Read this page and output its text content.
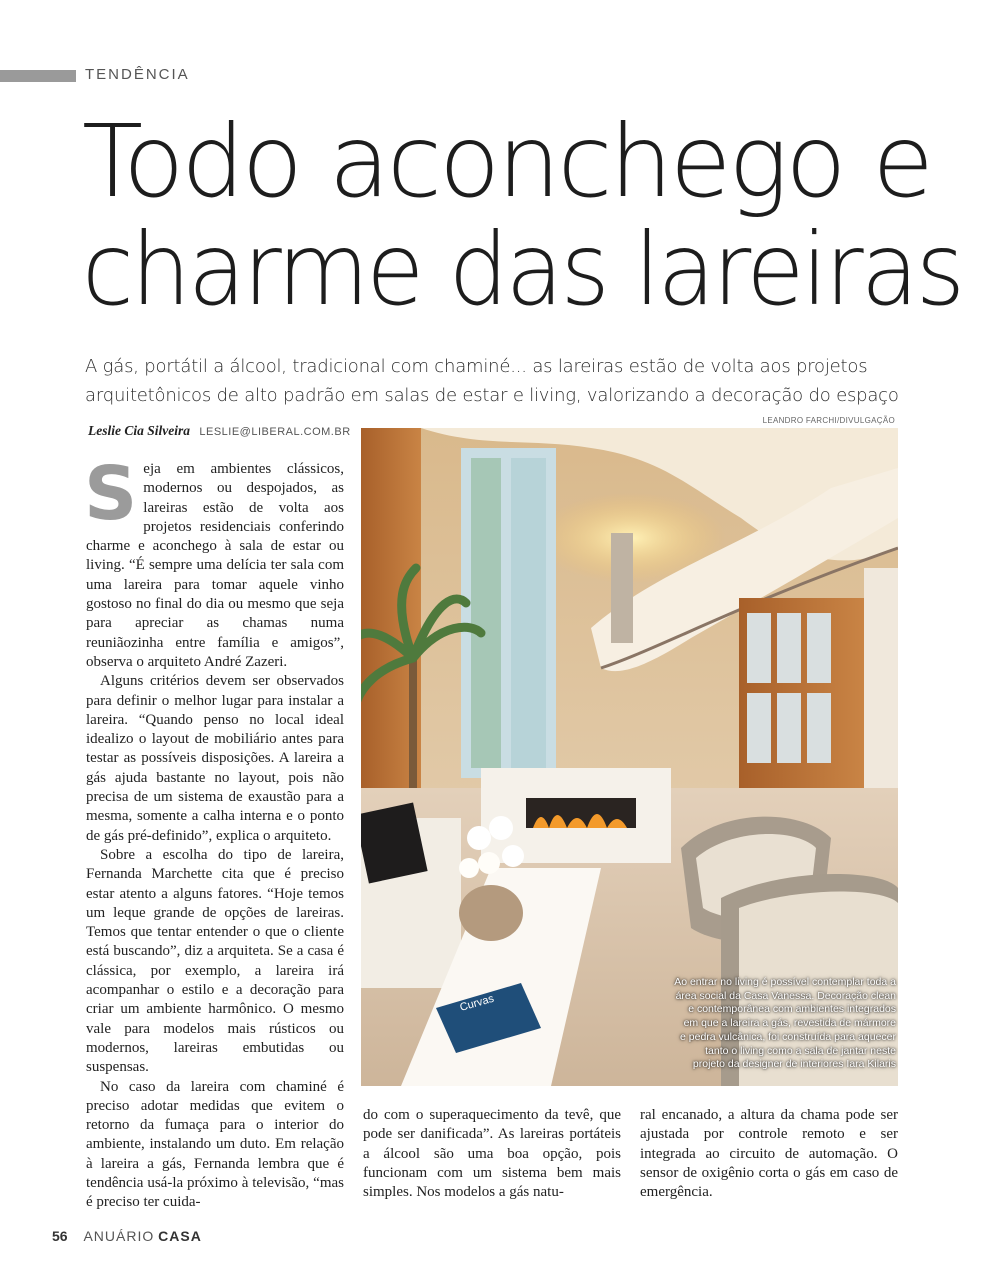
TENDÊNCIA
Todo aconchego e
charme das lareiras

A gás, portátil a álcool, tradicional com chaminé... as lareiras estão de volta aos projetos
arquitetônicos de alto padrão em salas de estar e living, valorizando a decoração do espaço

Leslie Cia Silveira LESLIE@LIBERAL.COM.BR
LEANDRO FARCHI/DIVULGAÇÃO

Seja em ambientes clássicos, modernos ou despojados, as lareiras estão de volta aos projetos residenciais conferindo charme e aconchego à sala de estar ou living. “É sempre uma delícia ter sala com uma lareira para tomar aquele vinho gostoso no final do dia ou mesmo que seja para apreciar as chamas numa reuniãozinha entre família e amigos”, observa o arquiteto André Zazeri.

Alguns critérios devem ser observados para definir o melhor lugar para instalar a lareira. “Quando penso no local ideal idealizo o layout de mobiliário antes para testar as possíveis disposições. A lareira a gás ajuda bastante no layout, pois não precisa de um sistema de exaustão para a mesma, somente a calha interna e o ponto de gás pré-definido”, explica o arquiteto.

Sobre a escolha do tipo de lareira, Fernanda Marchette cita que é preciso estar atento a alguns fatores. “Hoje temos um leque grande de opções de lareiras. Temos que tentar entender o que o cliente está buscando”, diz a arquiteta. Se a casa é clássica, por exemplo, a lareira irá acompanhar o estilo e a decoração para criar um ambiente harmônico. O mesmo vale para modelos mais rústicos ou modernos, lareiras embutidas ou suspensas.

No caso da lareira com chaminé é preciso adotar medidas que evitem o retorno da fumaça para o interior do ambiente, instalando um duto. Em relação à lareira a gás, Fernanda lembra que é tendência usá-la próximo à televisão, “mas é preciso ter cuida-

Curvas
Ao entrar no living é possível contemplar toda a
área social da Casa Vanessa. Decoração clean
e contemporânea com ambientes integrados
em que a lareira a gás, revestida de mármore
e pedra vulcânica, foi construída para aquecer
tanto o living como a sala de jantar neste
projeto da designer de interiores Iara Kilaris

do com o superaquecimento da tevê, que pode ser danificada”. As lareiras portáteis a álcool são uma boa opção, pois funcionam com um sistema bem mais simples. Nos modelos a gás natu-

ral encanado, a altura da chama pode ser ajustada por controle remoto e ser integrada ao circuito de automação. O sensor de oxigênio corta o gás em caso de emergência.

56 ANUÁRIO CASA
